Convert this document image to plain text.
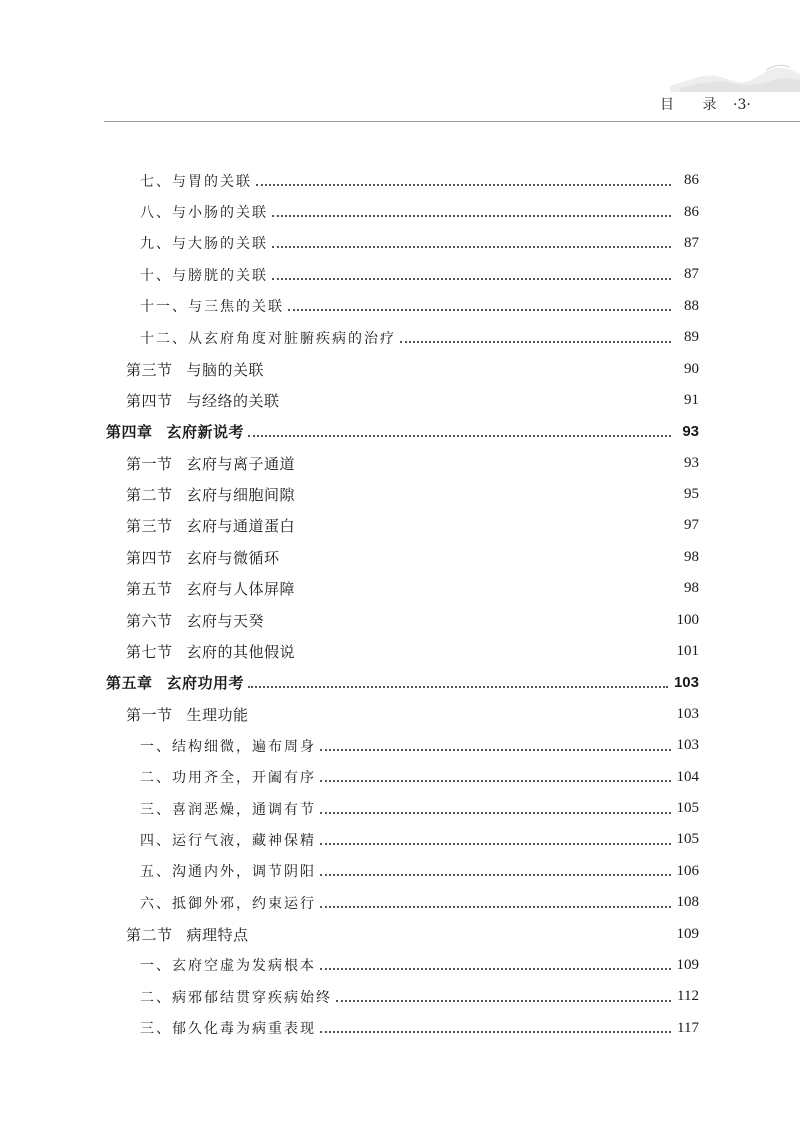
目 录 ·3·
七、与胃的关联	86
八、与小肠的关联	86
九、与大肠的关联	87
十、与膀胱的关联	87
十一、与三焦的关联	88
十二、从玄府角度对脏腑疾病的治疗	89
第三节   与脑的关联	90
第四节   与经络的关联	91
第四章   玄府新说考	93
第一节   玄府与离子通道	93
第二节   玄府与细胞间隙	95
第三节   玄府与通道蛋白	97
第四节   玄府与微循环	98
第五节   玄府与人体屏障	98
第六节   玄府与天癸	100
第七节   玄府的其他假说	101
第五章   玄府功用考	103
第一节   生理功能	103
一、结构细微，遍布周身	103
二、功用齐全，开阖有序	104
三、喜润恶燥，通调有节	105
四、运行气液，藏神保精	105
五、沟通内外，调节阴阳	106
六、抵御外邪，约束运行	108
第二节   病理特点	109
一、玄府空虚为发病根本	109
二、病邪郁结贯穿疾病始终	112
三、郁久化毒为病重表现	117
